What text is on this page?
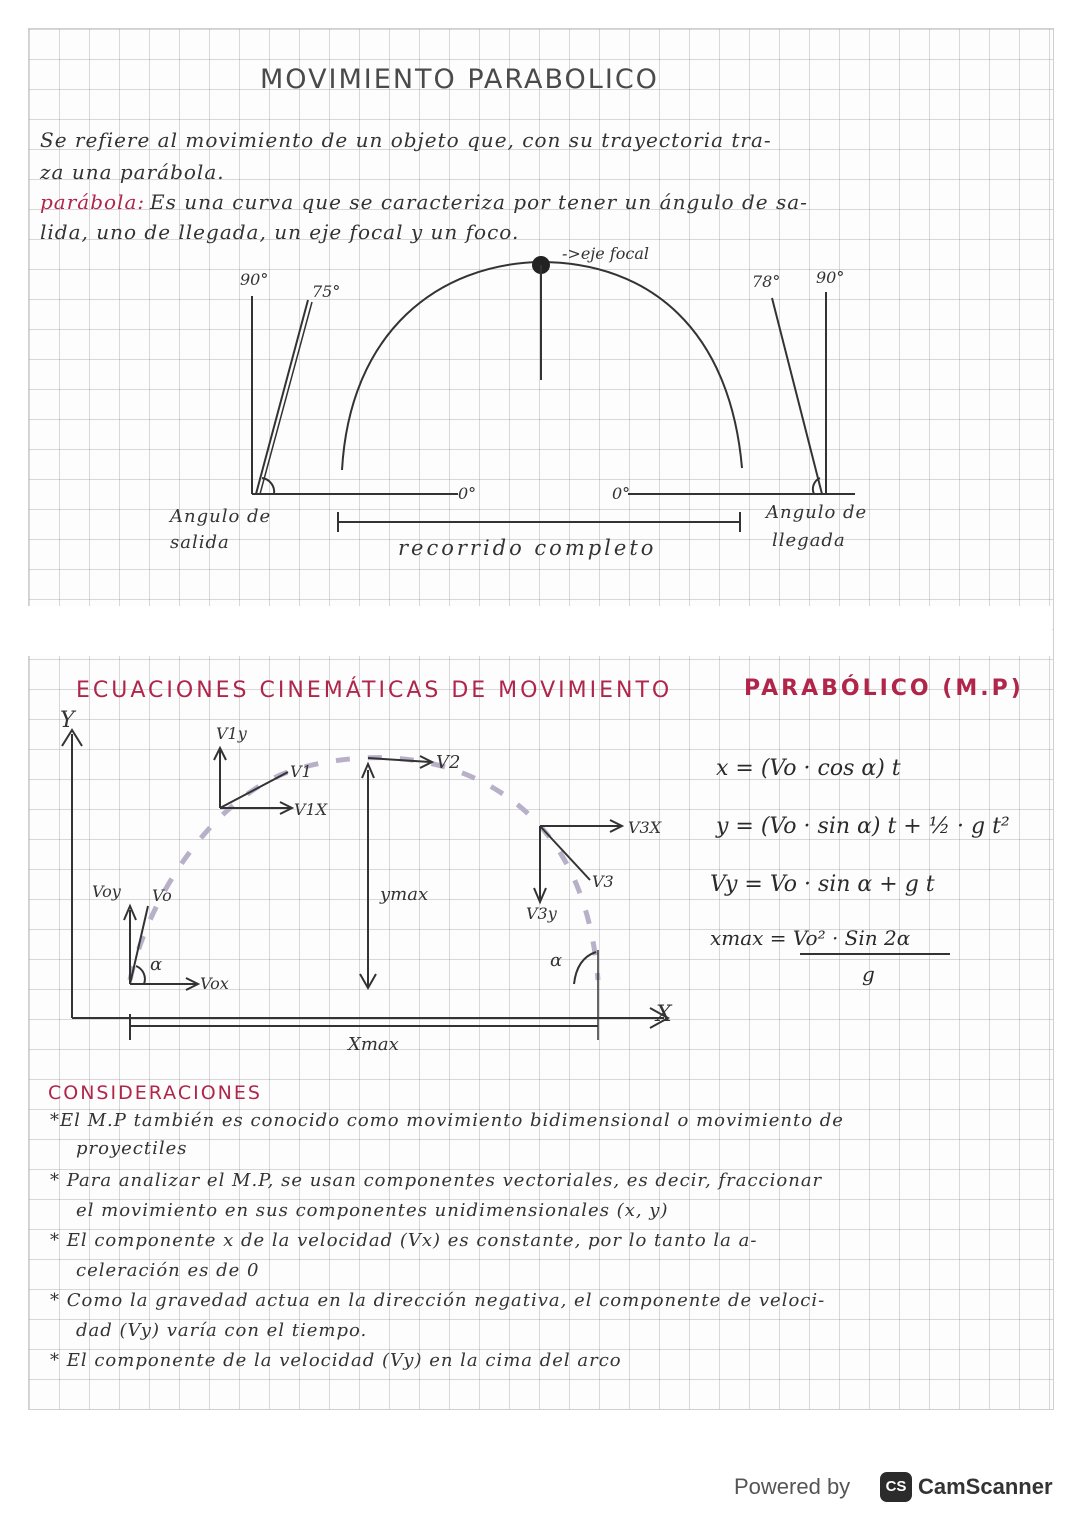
MOVIMIENTO PARABOLICO
Se refiere al movimiento de un objeto que, con su trayectoria tra-
za una parábola.
parábola: Es una curva que se caracteriza por tener un ángulo de sa-
lida, uno de llegada, un eje focal y un foco.
->eje focal
90°
75°
78° 90°
0°	0°
Angulo de
salida	recorrido completo
Angulo de
llegada
ECUACIONES CINEMÁTICAS DE MOVIMIENTO	PARABÓLICO (M.P)
Y
X
V1y
V1
V1X
V2
V3X
V3
V3y
Voy Vo
Vox
α	α
ymax
Xmax
x = (Vo · cos α) t
y = (Vo · sin α) t + ½ · g t²
Vy = Vo · sin α + g t
xmax = Vo² · Sin 2α
g
CONSIDERACIONES
*El M.P también es conocido como movimiento bidimensional o movimiento de
proyectiles
* Para analizar el M.P, se usan componentes vectoriales, es decir, fraccionar
el movimiento en sus componentes unidimensionales (x, y)
* El componente x de la velocidad (Vx) es constante, por lo tanto la a-
celeración es de 0
* Como la gravedad actua en la dirección negativa, el componente de veloci-
dad (Vy) varía con el tiempo.
* El componente de la velocidad (Vy) en la cima del arco
Powered by	CS CamScanner
